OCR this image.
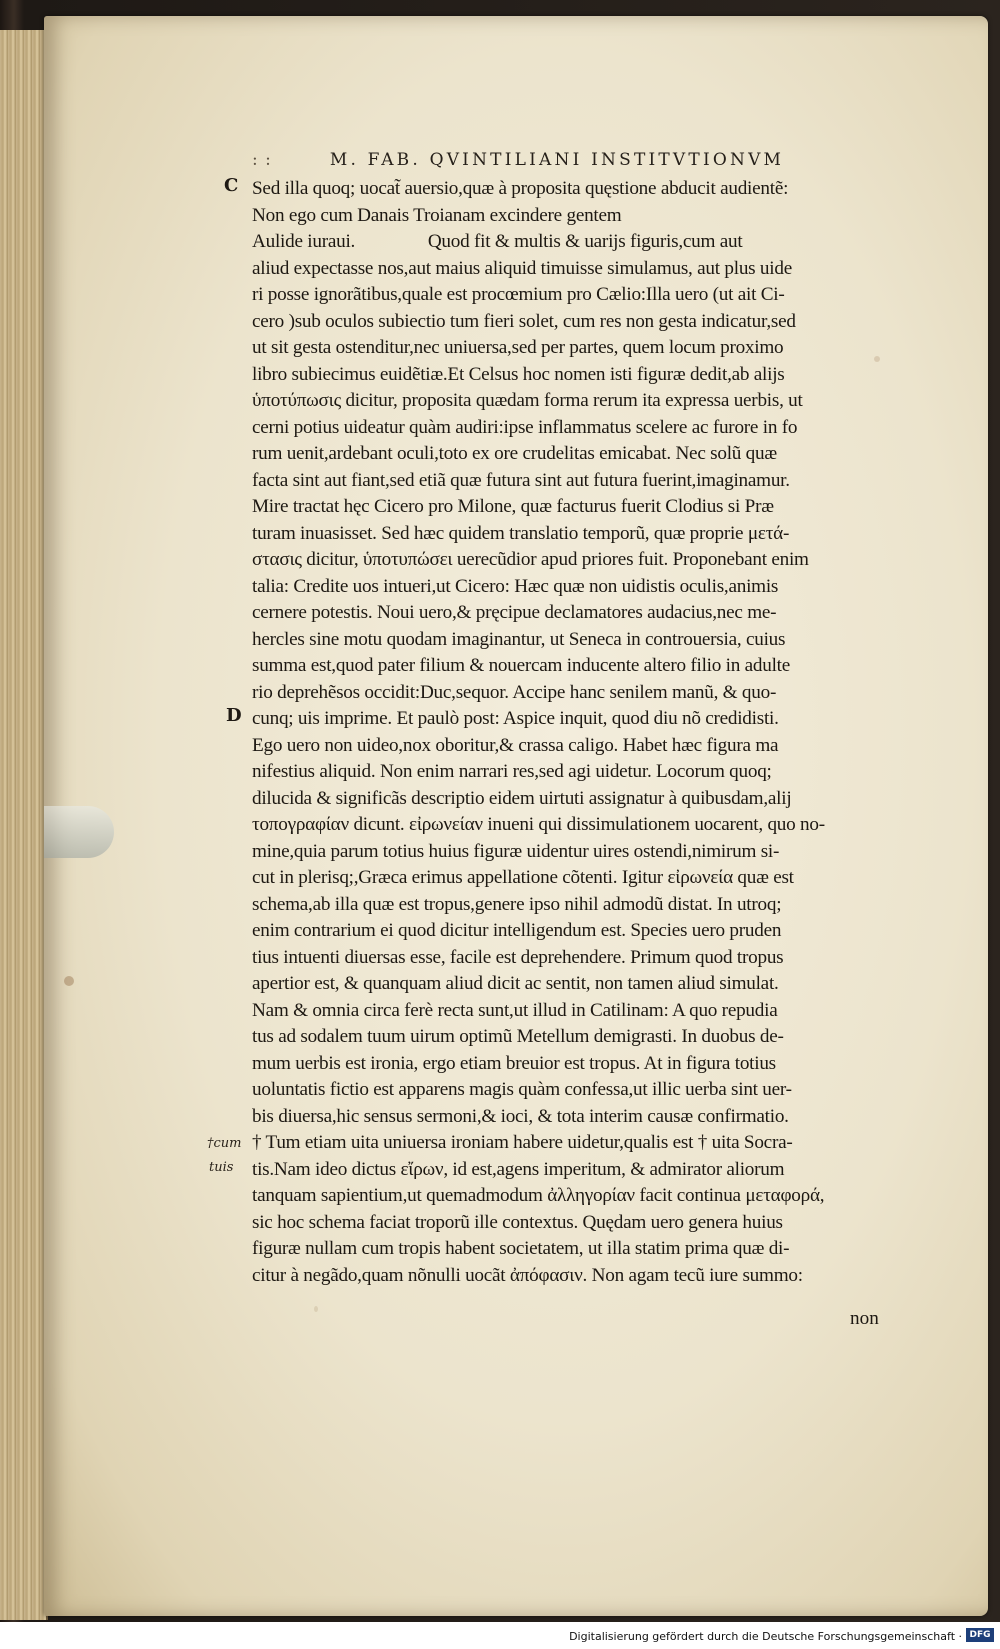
: :	M. FAB. QVINTILIANI INSTITVTIONVM
C
D
†cum
tuis
Sed illa quoq; uocat̃ auersio,quæ à proposita quęstione abducit audientẽ:
Non ego cum Danais Troianam excindere gentem
Aulide iuraui.                Quod fit & multis & uarijs figuris,cum aut
aliud expectasse nos,aut maius aliquid timuisse simulamus, aut plus uide
ri posse ignorãtibus,quale est procœmium pro Cælio:Illa uero (ut ait Ci-
cero )sub oculos subiectio tum fieri solet, cum res non gesta indicatur,sed
ut sit gesta ostenditur,nec uniuersa,sed per partes, quem locum proximo
libro subiecimus euidẽtiæ.Et Celsus hoc nomen isti figuræ dedit,ab alijs
ὑποτύπωσις dicitur, proposita quædam forma rerum ita expressa uerbis, ut
cerni potius uideatur quàm audiri:ipse inflammatus scelere ac furore in fo
rum uenit,ardebant oculi,toto ex ore crudelitas emicabat. Nec solũ quæ
facta sint aut fiant,sed etiã quæ futura sint aut futura fuerint,imaginamur.
Mire tractat hęc Cicero pro Milone, quæ facturus fuerit Clodius si Præ
turam inuasisset. Sed hæc quidem translatio temporũ, quæ proprie μετά-
στασις dicitur, ὑποτυπώσει uerecũdior apud priores fuit. Proponebant enim
talia: Credite uos intueri,ut Cicero: Hæc quæ non uidistis oculis,animis
cernere potestis. Noui uero,& pręcipue declamatores audacius,nec me-
hercles sine motu quodam imaginantur, ut Seneca in controuersia, cuius
summa est,quod pater filium & nouercam inducente altero filio in adulte
rio deprehẽsos occidit:Duc,sequor. Accipe hanc senilem manũ, & quo-
cunq; uis imprime. Et paulò post: Aspice inquit, quod diu nõ credidisti.
Ego uero non uideo,nox oboritur,& crassa caligo. Habet hæc figura ma
nifestius aliquid. Non enim narrari res,sed agi uidetur. Locorum quoq;
dilucida & significãs descriptio eidem uirtuti assignatur à quibusdam,alij
τοπογραφίαν dicunt. εἰρωνείαν inueni qui dissimulationem uocarent, quo no-
mine,quia parum totius huius figuræ uidentur uires ostendi,nimirum si-
cut in plerisq;,Græca erimus appellatione cõtenti. Igitur εἰρωνεία quæ est
schema,ab illa quæ est tropus,genere ipso nihil admodũ distat. In utroq;
enim contrarium ei quod dicitur intelligendum est. Species uero pruden
tius intuenti diuersas esse, facile est deprehendere. Primum quod tropus
apertior est, & quanquam aliud dicit ac sentit, non tamen aliud simulat.
Nam & omnia circa ferè recta sunt,ut illud in Catilinam: A quo repudia
tus ad sodalem tuum uirum optimũ Metellum demigrasti. In duobus de-
mum uerbis est ironia, ergo etiam breuior est tropus. At in figura totius
uoluntatis fictio est apparens magis quàm confessa,ut illic uerba sint uer-
bis diuersa,hic sensus sermoni,& ioci, & tota interim causæ confirmatio.
† Tum etiam uita uniuersa ironiam habere uidetur,qualis est † uita Socra-
tis.Nam ideo dictus εἴρων, id est,agens imperitum, & admirator aliorum
tanquam sapientium,ut quemadmodum ἀλληγορίαν facit continua μεταφορά,
sic hoc schema faciat troporũ ille contextus. Quędam uero genera huius
figuræ nullam cum tropis habent societatem, ut illa statim prima quæ di-
citur à negãdo,quam nõnulli uocãt ἀπόφασιν. Non agam tecũ iure summo:
non
Digitalisierung gefördert durch die Deutsche Forschungsgemeinschaft · DFG
